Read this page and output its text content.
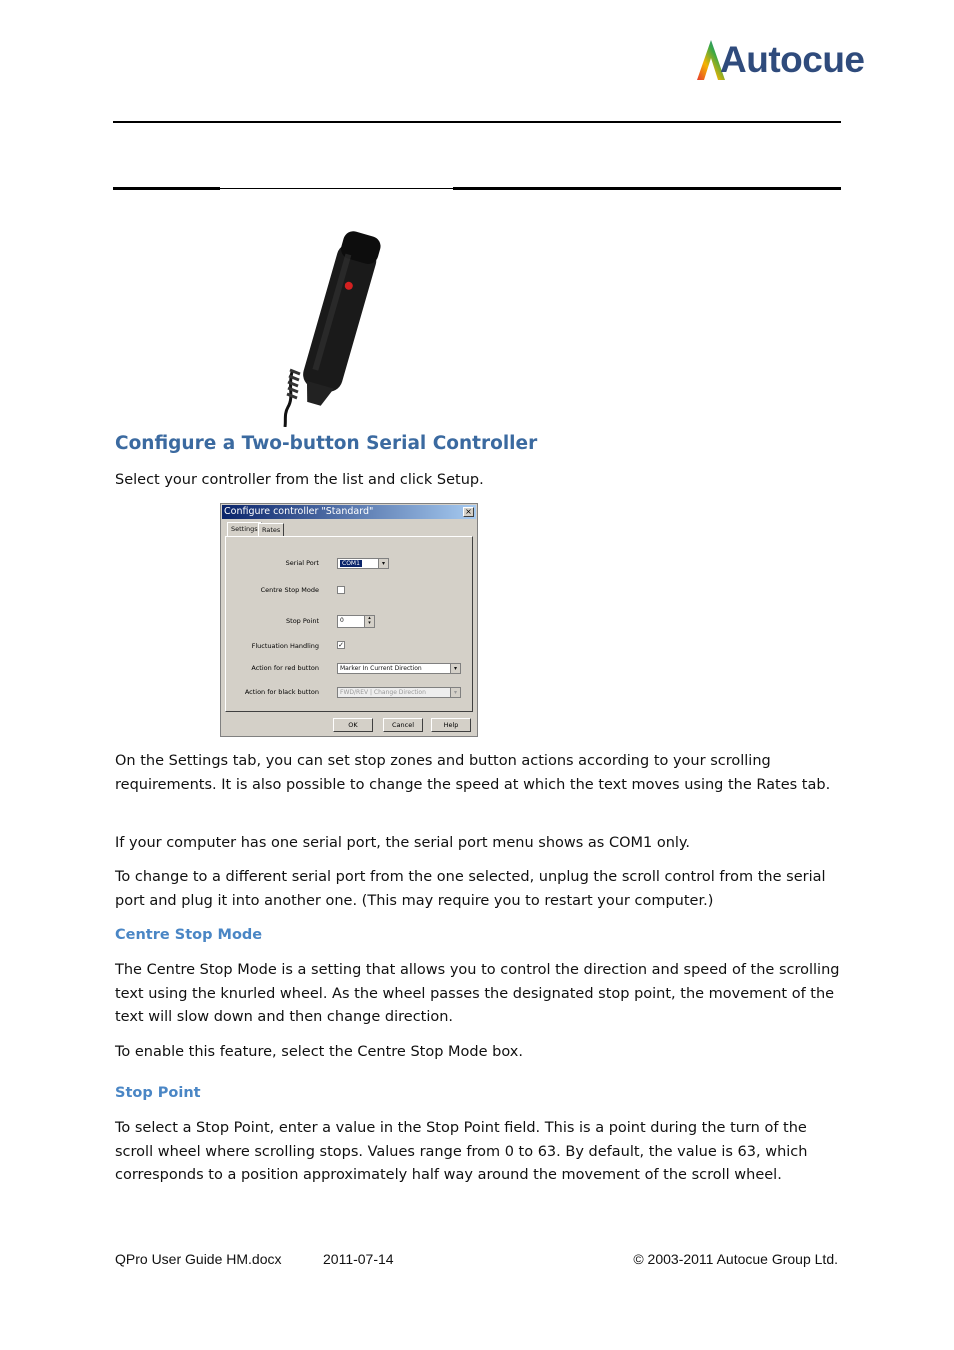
Autocue
Configure a Two-button Serial Controller
Select your controller from the list and click Setup.
Configure controller "Standard"	×
Settings Rates
Serial Port	COM1	▾
Centre Stop Mode
Stop Point	0	▴
▾
Fluctuation Handling	✓
Action for red button	Marker In Current Direction	▾
Action for black button	FWD/REV | Change Direction	▾
OK	Cancel	Help
On the Settings tab, you can set stop zones and button actions according to your scrolling requirements. It is also possible to change the speed at which the text moves using the Rates tab.
If your computer has one serial port, the serial port menu shows as COM1 only.
To change to a different serial port from the one selected, unplug the scroll control from the serial port and plug it into another one. (This may require you to restart your computer.)
Centre Stop Mode
The Centre Stop Mode is a setting that allows you to control the direction and speed of the scrolling text using the knurled wheel. As the wheel passes the designated stop point, the movement of the text will slow down and then change direction.
To enable this feature, select the Centre Stop Mode box.
Stop Point
To select a Stop Point, enter a value in the Stop Point field. This is a point during the turn of the scroll wheel where scrolling stops. Values range from 0 to 63. By default, the value is 63, which corresponds to a position approximately half way around the movement of the scroll wheel.
QPro User Guide HM.docx	2011-07-14	© 2003-2011 Autocue Group Ltd.
